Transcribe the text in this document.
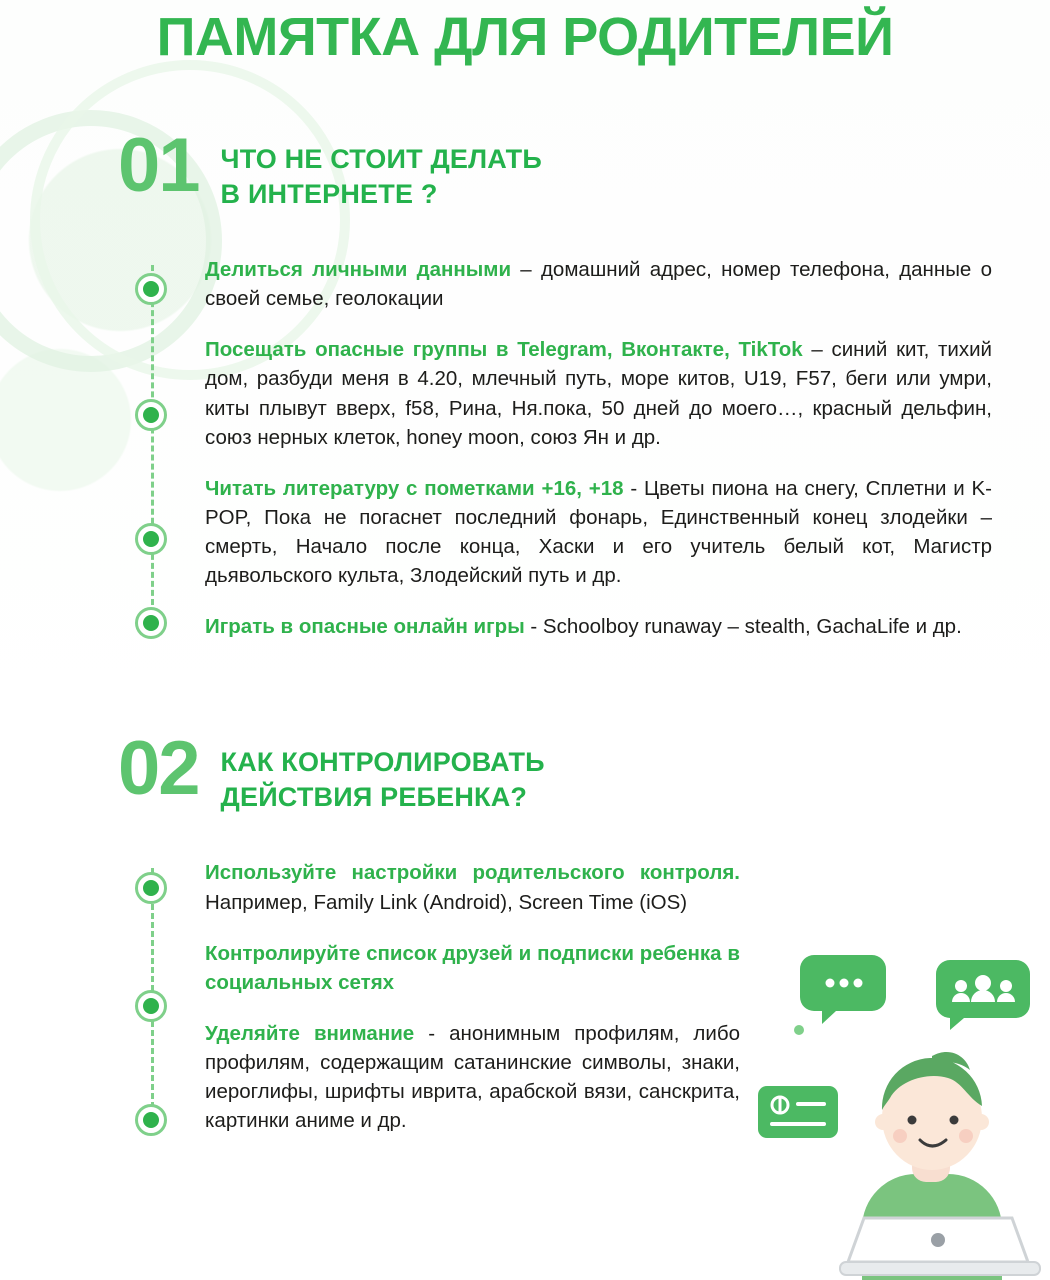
ПАМЯТКА ДЛЯ РОДИТЕЛЕЙ
01 ЧТО НЕ СТОИТ ДЕЛАТЬ
В ИНТЕРНЕТЕ ?

Делиться личными данными – домашний адрес, номер телефона, данные о своей семье, геолокации

Посещать опасные группы в Telegram, Вконтакте, TikTok – синий кит, тихий дом, разбуди меня в 4.20, млечный путь, море китов, U19, F57, беги или умри, киты плывут вверх, f58, Рина, Ня.пока, 50 дней до моего…, красный дельфин, союз нерных клеток, honey moon, союз Ян и др.

Читать литературу с пометками +16, +18 - Цветы пиона на снегу, Сплетни и K-POP, Пока не погаснет последний фонарь, Единственный конец злодейки – смерть, Начало после конца, Хаски и его учитель белый кот, Магистр дьявольского культа, Злодейский путь и др.

Играть в опасные онлайн игры - Schoolboy runaway – stealth, GachaLife и др.

02 КАК КОНТРОЛИРОВАТЬ
ДЕЙСТВИЯ РЕБЕНКА?

Используйте настройки родительского контроля. Например, Family Link (Android), Screen Time (iOS)

Контролируйте список друзей и подписки ребенка в социальных сетях

Уделяйте внимание - анонимным профилям, либо профилям, содержащим сатанинские символы, знаки, иероглифы, шрифты иврита, арабской вязи, санскрита, картинки аниме и др.
